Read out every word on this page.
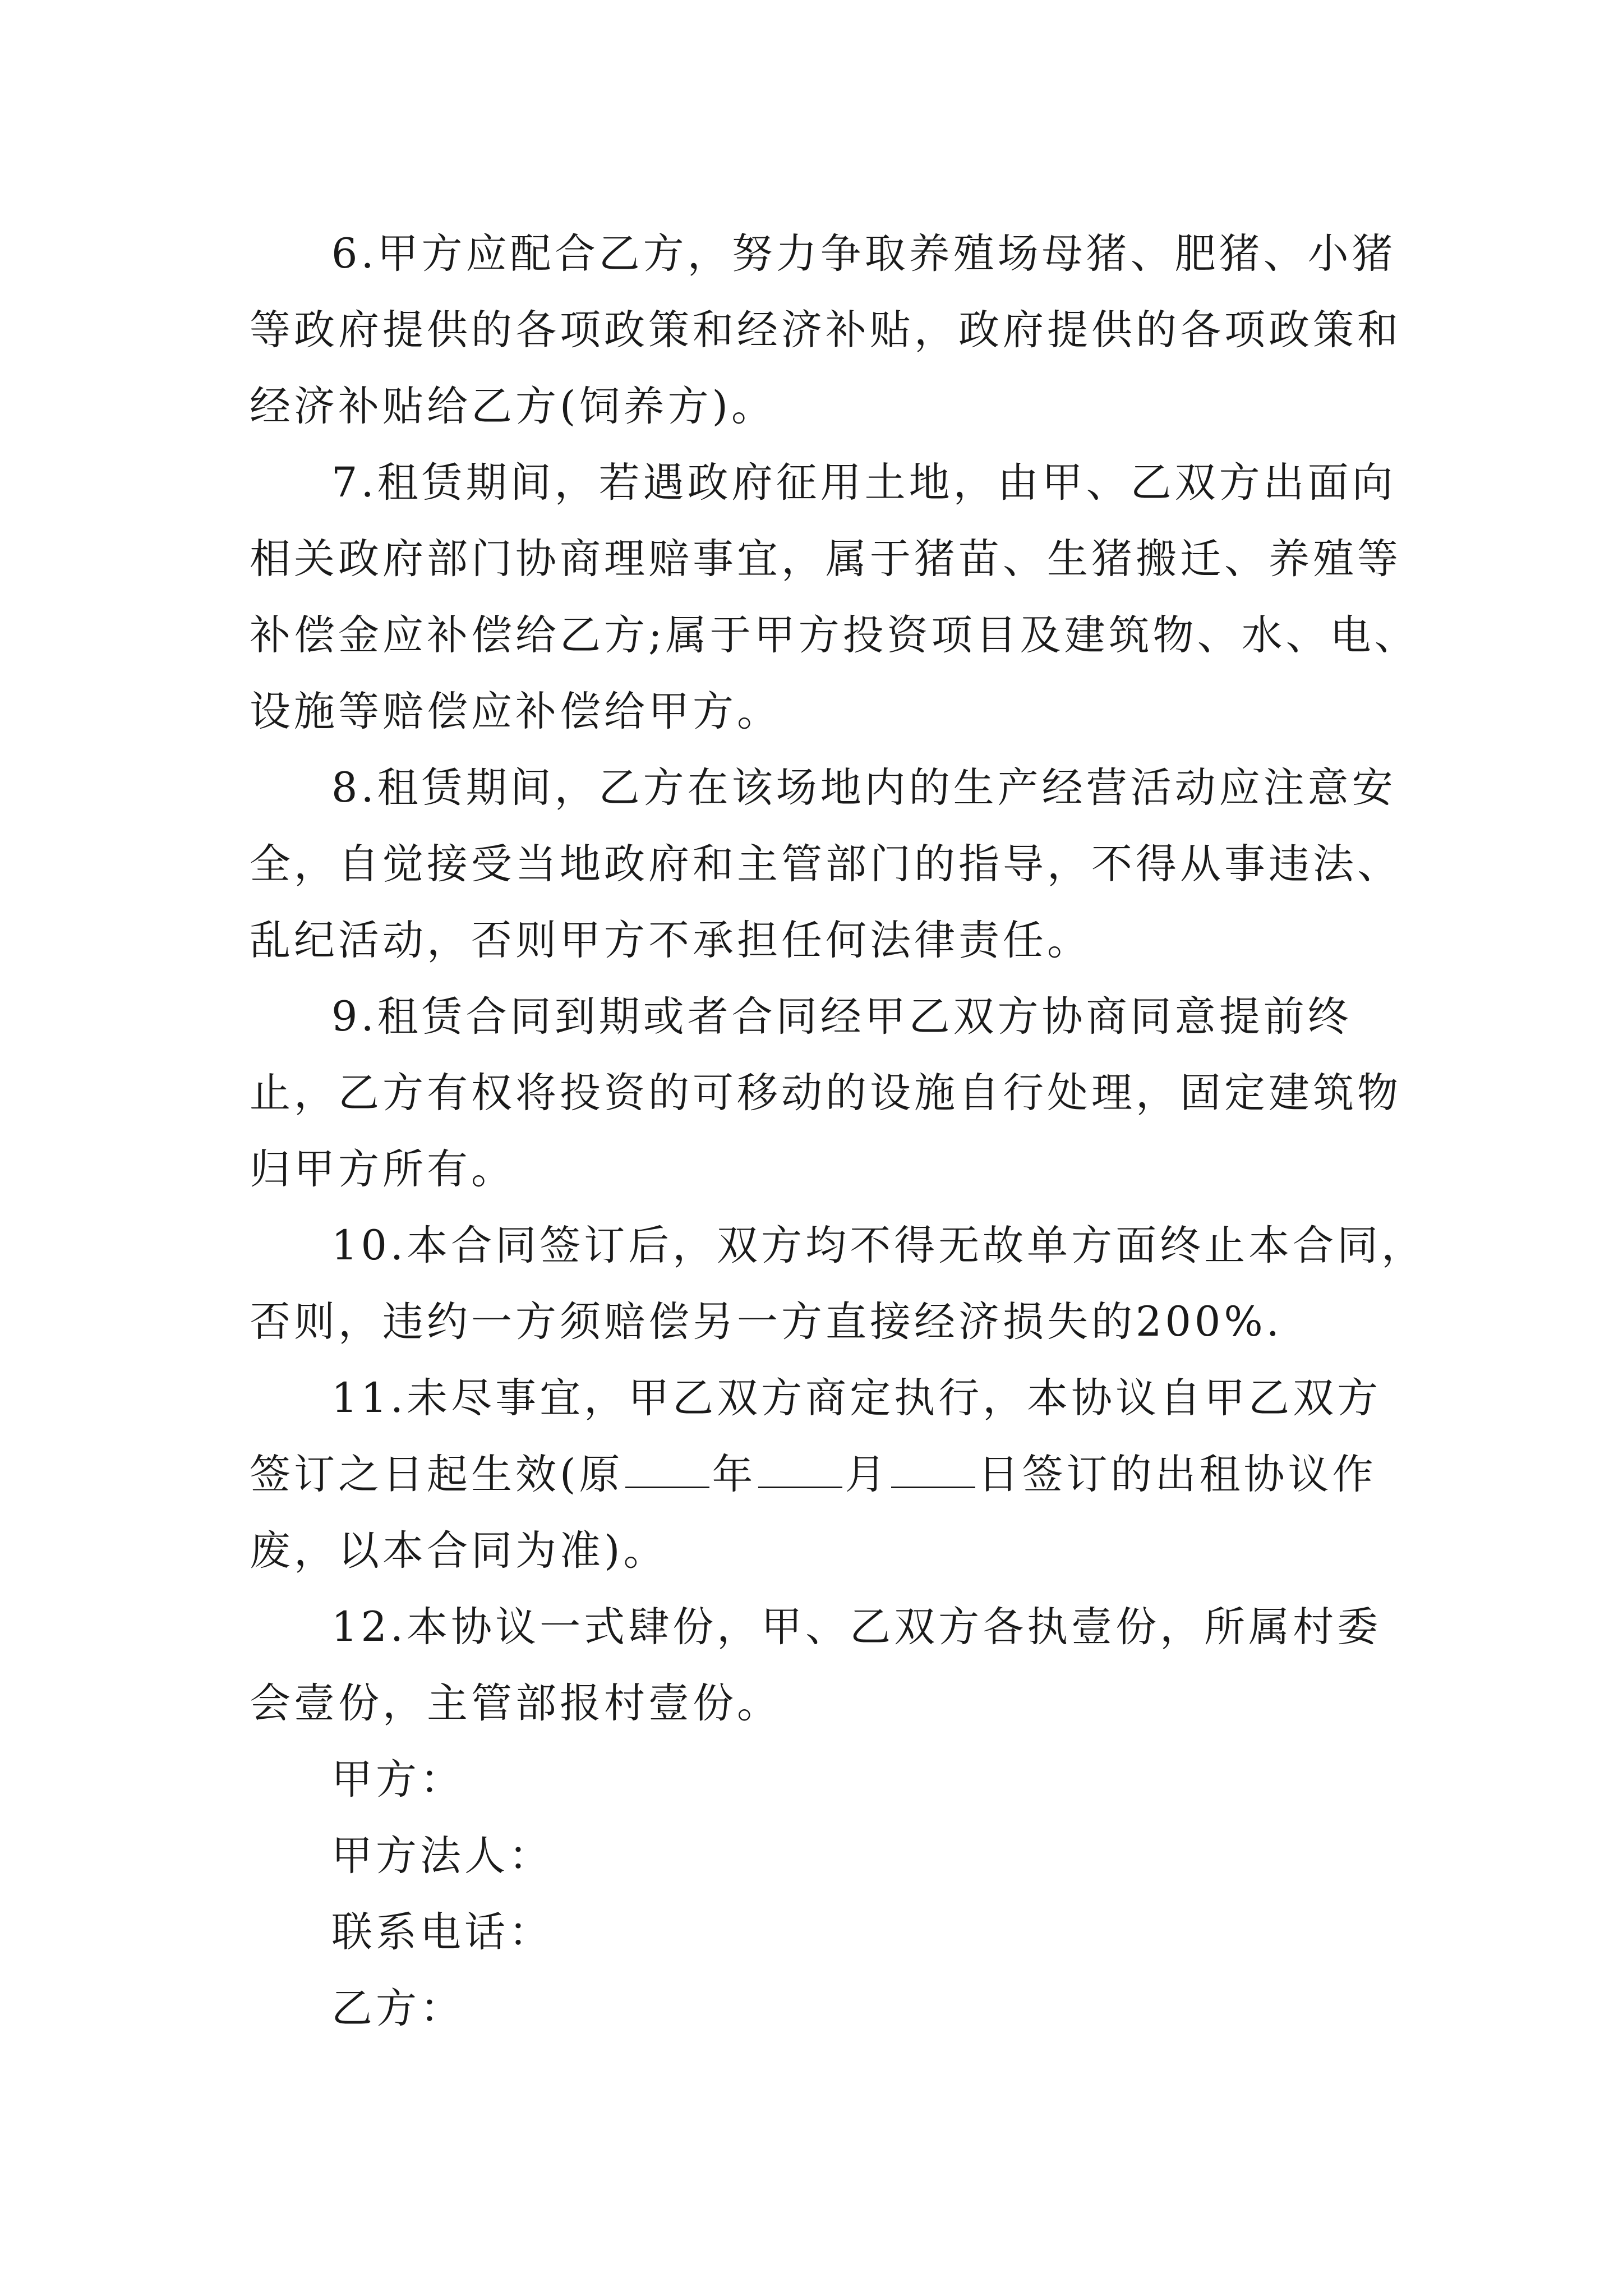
6.甲方应配合乙方，努力争取养殖场母猪、肥猪、小猪
等政府提供的各项政策和经济补贴，政府提供的各项政策和
经济补贴给乙方(饲养方)。
7.租赁期间，若遇政府征用土地，由甲、乙双方出面向
相关政府部门协商理赔事宜，属于猪苗、生猪搬迁、养殖等
补偿金应补偿给乙方;属于甲方投资项目及建筑物、水、电、
设施等赔偿应补偿给甲方。
8.租赁期间，乙方在该场地内的生产经营活动应注意安
全，自觉接受当地政府和主管部门的指导，不得从事违法、
乱纪活动，否则甲方不承担任何法律责任。
9.租赁合同到期或者合同经甲乙双方协商同意提前终
止，乙方有权将投资的可移动的设施自行处理，固定建筑物
归甲方所有。
10.本合同签订后，双方均不得无故单方面终止本合同，
否则，违约一方须赔偿另一方直接经济损失的200%.
11.未尽事宜，甲乙双方商定执行，本协议自甲乙双方
签订之日起生效(原 年 月 日签订的出租协议作
废，以本合同为准)。
12.本协议一式肆份，甲、乙双方各执壹份，所属村委
会壹份，主管部报村壹份。
甲方：
甲方法人：
联系电话：
乙方：
